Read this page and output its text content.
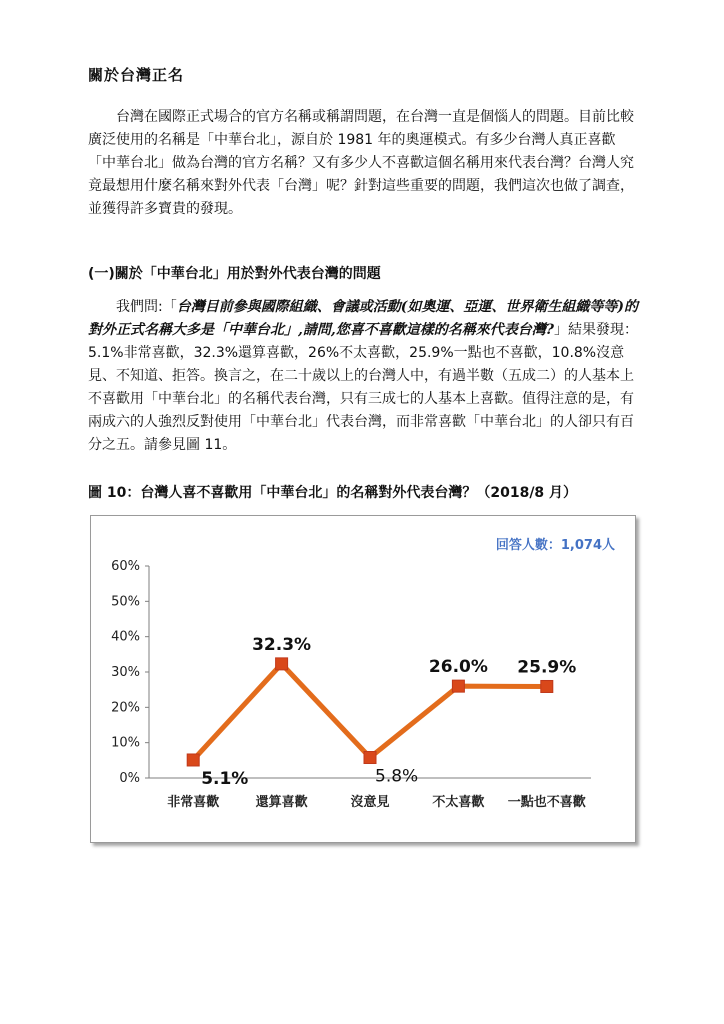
關於台灣正名

台灣在國際正式場合的官方名稱或稱謂問題，在台灣一直是個惱人的問題。目前比較廣泛使用的名稱是「中華台北」，源自於 1981 年的奧運模式。有多少台灣人真正喜歡「中華台北」做為台灣的官方名稱？又有多少人不喜歡這個名稱用來代表台灣？台灣人究竟最想用什麼名稱來對外代表「台灣」呢？針對這些重要的問題，我們這次也做了調查，並獲得許多寶貴的發現。

(一)關於「中華台北」用於對外代表台灣的問題

我們問:「台灣目前參與國際組織、會議或活動(如奧運、亞運、世界衛生組織等等)的對外正式名稱大多是「中華台北」,請問,您喜不喜歡這樣的名稱來代表台灣?」結果發現：5.1%非常喜歡，32.3%還算喜歡，26%不太喜歡，25.9%一點也不喜歡，10.8%沒意見、不知道、拒答。換言之，在二十歲以上的台灣人中，有過半數（五成二）的人基本上不喜歡用「中華台北」的名稱代表台灣，只有三成七的人基本上喜歡。值得注意的是，有兩成六的人強烈反對使用「中華台北」代表台灣，而非常喜歡「中華台北」的人卻只有百分之五。請參見圖 11。

圖 10：台灣人喜不喜歡用「中華台北」的名稱對外代表台灣？（2018/8 月）
0%
10%
20%
30%
40%
50%
60%
非常喜歡	還算喜歡	沒意見	不太喜歡 一點也不喜歡
5.1%
32.3%
5.8%
26.0% 25.9%
回答人數：1,074人
